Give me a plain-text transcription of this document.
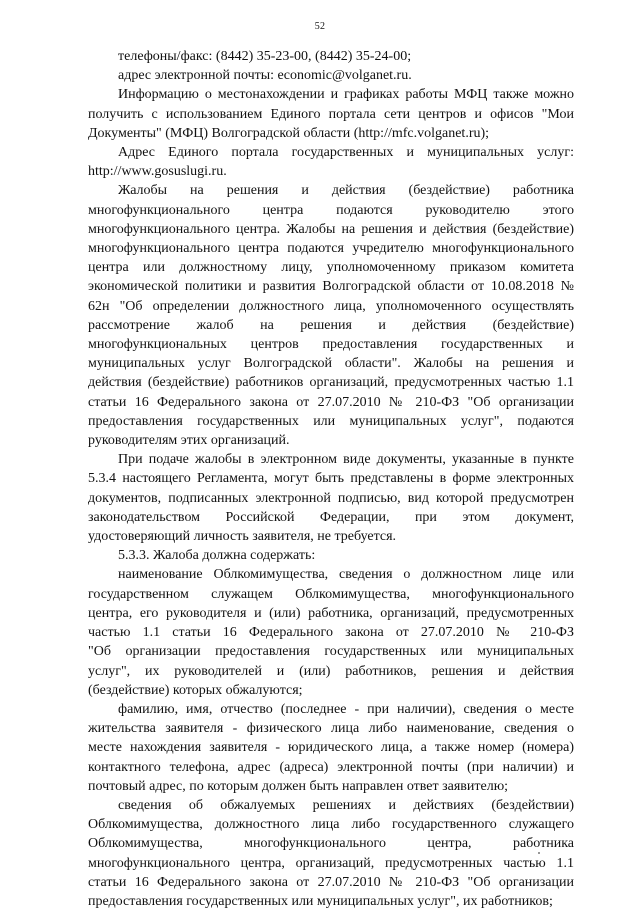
52

телефоны/факс: (8442) 35-23-00, (8442) 35-24-00;

адрес электронной почты: economic@volganet.ru.

Информацию о местонахождении и графиках работы МФЦ также можно
получить с использованием Единого портала сети центров и офисов "Мои
Документы" (МФЦ) Волгоградской области (http://mfc.volganet.ru);

Адрес Единого портала государственных и муниципальных услуг:
http://www.gosuslugi.ru.

Жалобы на решения и действия (бездействие) работника
многофункционального центра подаются руководителю этого
многофункционального центра. Жалобы на решения и действия (бездействие)
многофункционального центра подаются учредителю многофункционального
центра или должностному лицу, уполномоченному приказом комитета
экономической политики и развития Волгоградской области от 10.08.2018 №
62н "Об определении должностного лица, уполномоченного осуществлять
рассмотрение жалоб на решения и действия (бездействие)
многофункциональных центров предоставления государственных и
муниципальных услуг Волгоградской области". Жалобы на решения и
действия (бездействие) работников организаций, предусмотренных частью 1.1
статьи 16 Федерального закона от 27.07.2010 № 210-ФЗ "Об организации
предоставления государственных или муниципальных услуг", подаются
руководителям этих организаций.

При подаче жалобы в электронном виде документы, указанные в пункте
5.3.4 настоящего Регламента, могут быть представлены в форме электронных
документов, подписанных электронной подписью, вид которой предусмотрен
законодательством Российской Федерации, при этом документ,
удостоверяющий личность заявителя, не требуется.

5.3.3. Жалоба должна содержать:

наименование Облкомимущества, сведения о должностном лице или
государственном служащем Облкомимущества, многофункционального
центра, его руководителя и (или) работника, организаций, предусмотренных
частью 1.1 статьи 16 Федерального закона от 27.07.2010 № 210-ФЗ
"Об организации предоставления государственных или муниципальных
услуг", их руководителей и (или) работников, решения и действия
(бездействие) которых обжалуются;

фамилию, имя, отчество (последнее - при наличии), сведения о месте
жительства заявителя - физического лица либо наименование, сведения о
месте нахождения заявителя - юридического лица, а также номер (номера)
контактного телефона, адрес (адреса) электронной почты (при наличии) и
почтовый адрес, по которым должен быть направлен ответ заявителю;

сведения об обжалуемых решениях и действиях (бездействии)
Облкомимущества, должностного лица либо государственного служащего
Облкомимущества, многофункционального центра, работника
многофункционального центра, организаций, предусмотренных частью 1.1
статьи 16 Федерального закона от 27.07.2010 № 210-ФЗ "Об организации
предоставления государственных или муниципальных услуг", их работников;
